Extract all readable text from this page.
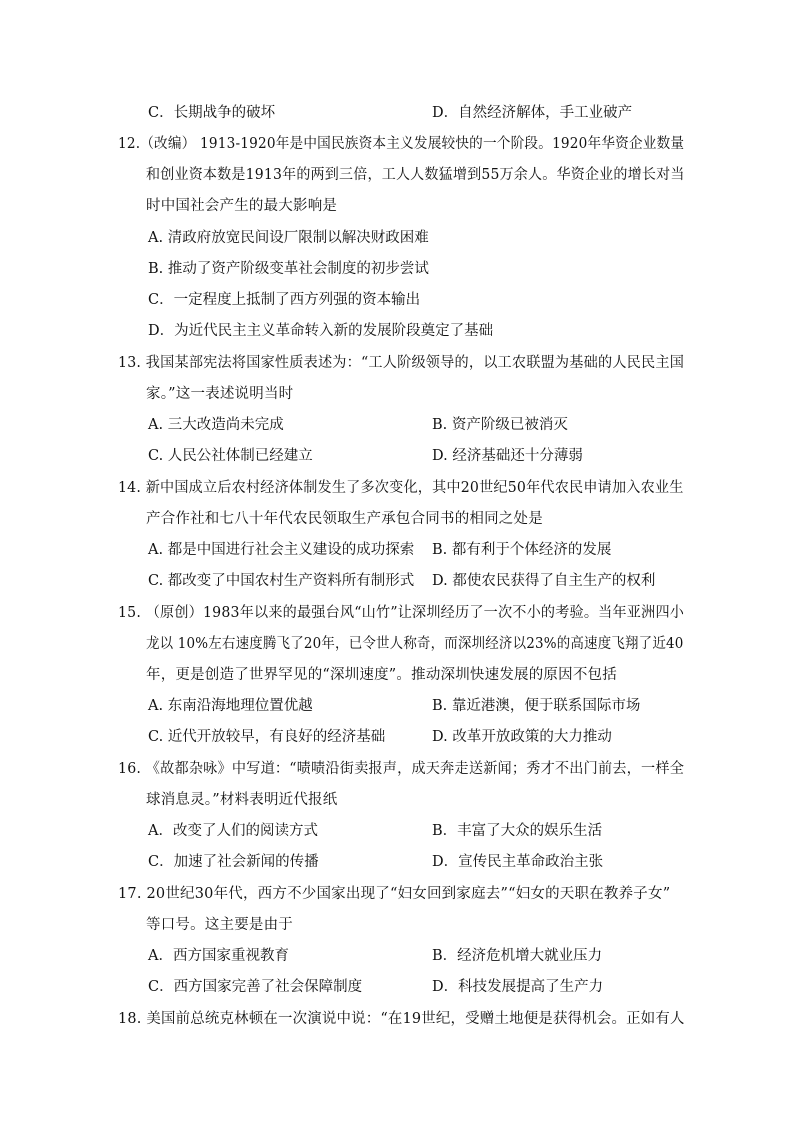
C．长期战争的破坏	D．自然经济解体，手工业破产
12.（改编） 1913-1920年是中国民族资本主义发展较快的一个阶段。1920年华资企业数量
和创业资本数是1913年的两到三倍，工人人数猛增到55万余人。华资企业的增长对当
时中国社会产生的最大影响是
A. 清政府放宽民间设厂限制以解决财政困难
B. 推动了资产阶级变革社会制度的初步尝试
C．一定程度上抵制了西方列强的资本输出
D．为近代民主主义革命转入新的发展阶段奠定了基础
13. 我国某部宪法将国家性质表述为：“工人阶级领导的，以工农联盟为基础的人民民主国
家。”这一表述说明当时
A. 三大改造尚未完成	B. 资产阶级已被消灭
C. 人民公社体制已经建立	D. 经济基础还十分薄弱
14. 新中国成立后农村经济体制发生了多次变化，其中20世纪50年代农民申请加入农业生
产合作社和七八十年代农民领取生产承包合同书的相同之处是
A. 都是中国进行社会主义建设的成功探索 B. 都有利于个体经济的发展
C. 都改变了中国农村生产资料所有制形式 D. 都使农民获得了自主生产的权利
15. （原创）1983年以来的最强台风“山竹”让深圳经历了一次不小的考验。当年亚洲四小
龙以 10%左右速度腾飞了20年，已令世人称奇，而深圳经济以23%的高速度飞翔了近40
年，更是创造了世界罕见的“深圳速度”。推动深圳快速发展的原因不包括
A. 东南沿海地理位置优越	B. 靠近港澳，便于联系国际市场
C. 近代开放较早，有良好的经济基础	D. 改革开放政策的大力推动
16. 《故都杂咏》中写道：“啧啧沿街卖报声，成天奔走送新闻；秀才不出门前去，一样全
球消息灵。”材料表明近代报纸
A．改变了人们的阅读方式	B．丰富了大众的娱乐生活
C．加速了社会新闻的传播	D．宣传民主革命政治主张
17. 20世纪30年代，西方不少国家出现了“妇女回到家庭去”“妇女的天职在教养子女”
等口号。这主要是由于
A．西方国家重视教育	B．经济危机增大就业压力
C．西方国家完善了社会保障制度	D．科技发展提高了生产力
18. 美国前总统克林顿在一次演说中说：“在19世纪，受赠土地便是获得机会。正如有人
